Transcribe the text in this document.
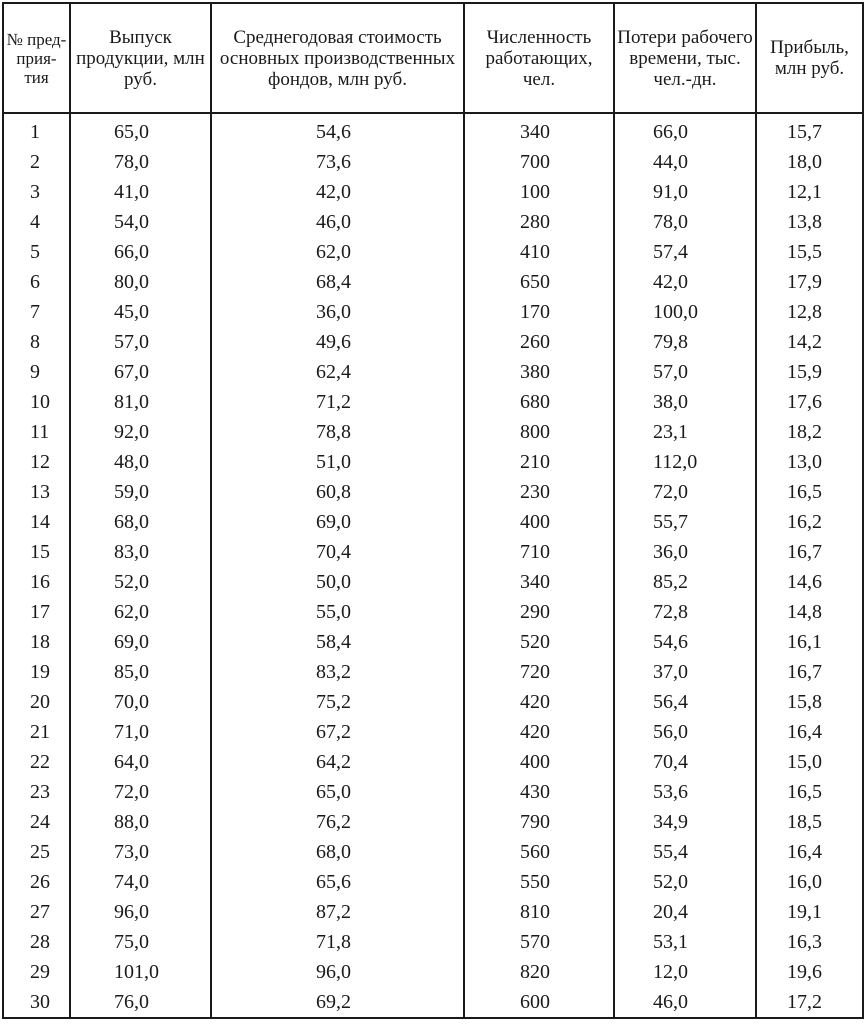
№ пред-прия-тия	Выпуск продукции, млн руб.	Среднегодовая стоимость основных производственных фондов, млн руб.	Численность работающих, чел.	Потери рабочего времени, тыс. чел.-дн.	Прибыль, млн руб.
1	65,0	54,6	340	66,0	15,7
2	78,0	73,6	700	44,0	18,0
3	41,0	42,0	100	91,0	12,1
4	54,0	46,0	280	78,0	13,8
5	66,0	62,0	410	57,4	15,5
6	80,0	68,4	650	42,0	17,9
7	45,0	36,0	170	100,0	12,8
8	57,0	49,6	260	79,8	14,2
9	67,0	62,4	380	57,0	15,9
10	81,0	71,2	680	38,0	17,6
11	92,0	78,8	800	23,1	18,2
12	48,0	51,0	210	112,0	13,0
13	59,0	60,8	230	72,0	16,5
14	68,0	69,0	400	55,7	16,2
15	83,0	70,4	710	36,0	16,7
16	52,0	50,0	340	85,2	14,6
17	62,0	55,0	290	72,8	14,8
18	69,0	58,4	520	54,6	16,1
19	85,0	83,2	720	37,0	16,7
20	70,0	75,2	420	56,4	15,8
21	71,0	67,2	420	56,0	16,4
22	64,0	64,2	400	70,4	15,0
23	72,0	65,0	430	53,6	16,5
24	88,0	76,2	790	34,9	18,5
25	73,0	68,0	560	55,4	16,4
26	74,0	65,6	550	52,0	16,0
27	96,0	87,2	810	20,4	19,1
28	75,0	71,8	570	53,1	16,3
29	101,0	96,0	820	12,0	19,6
30	76,0	69,2	600	46,0	17,2
